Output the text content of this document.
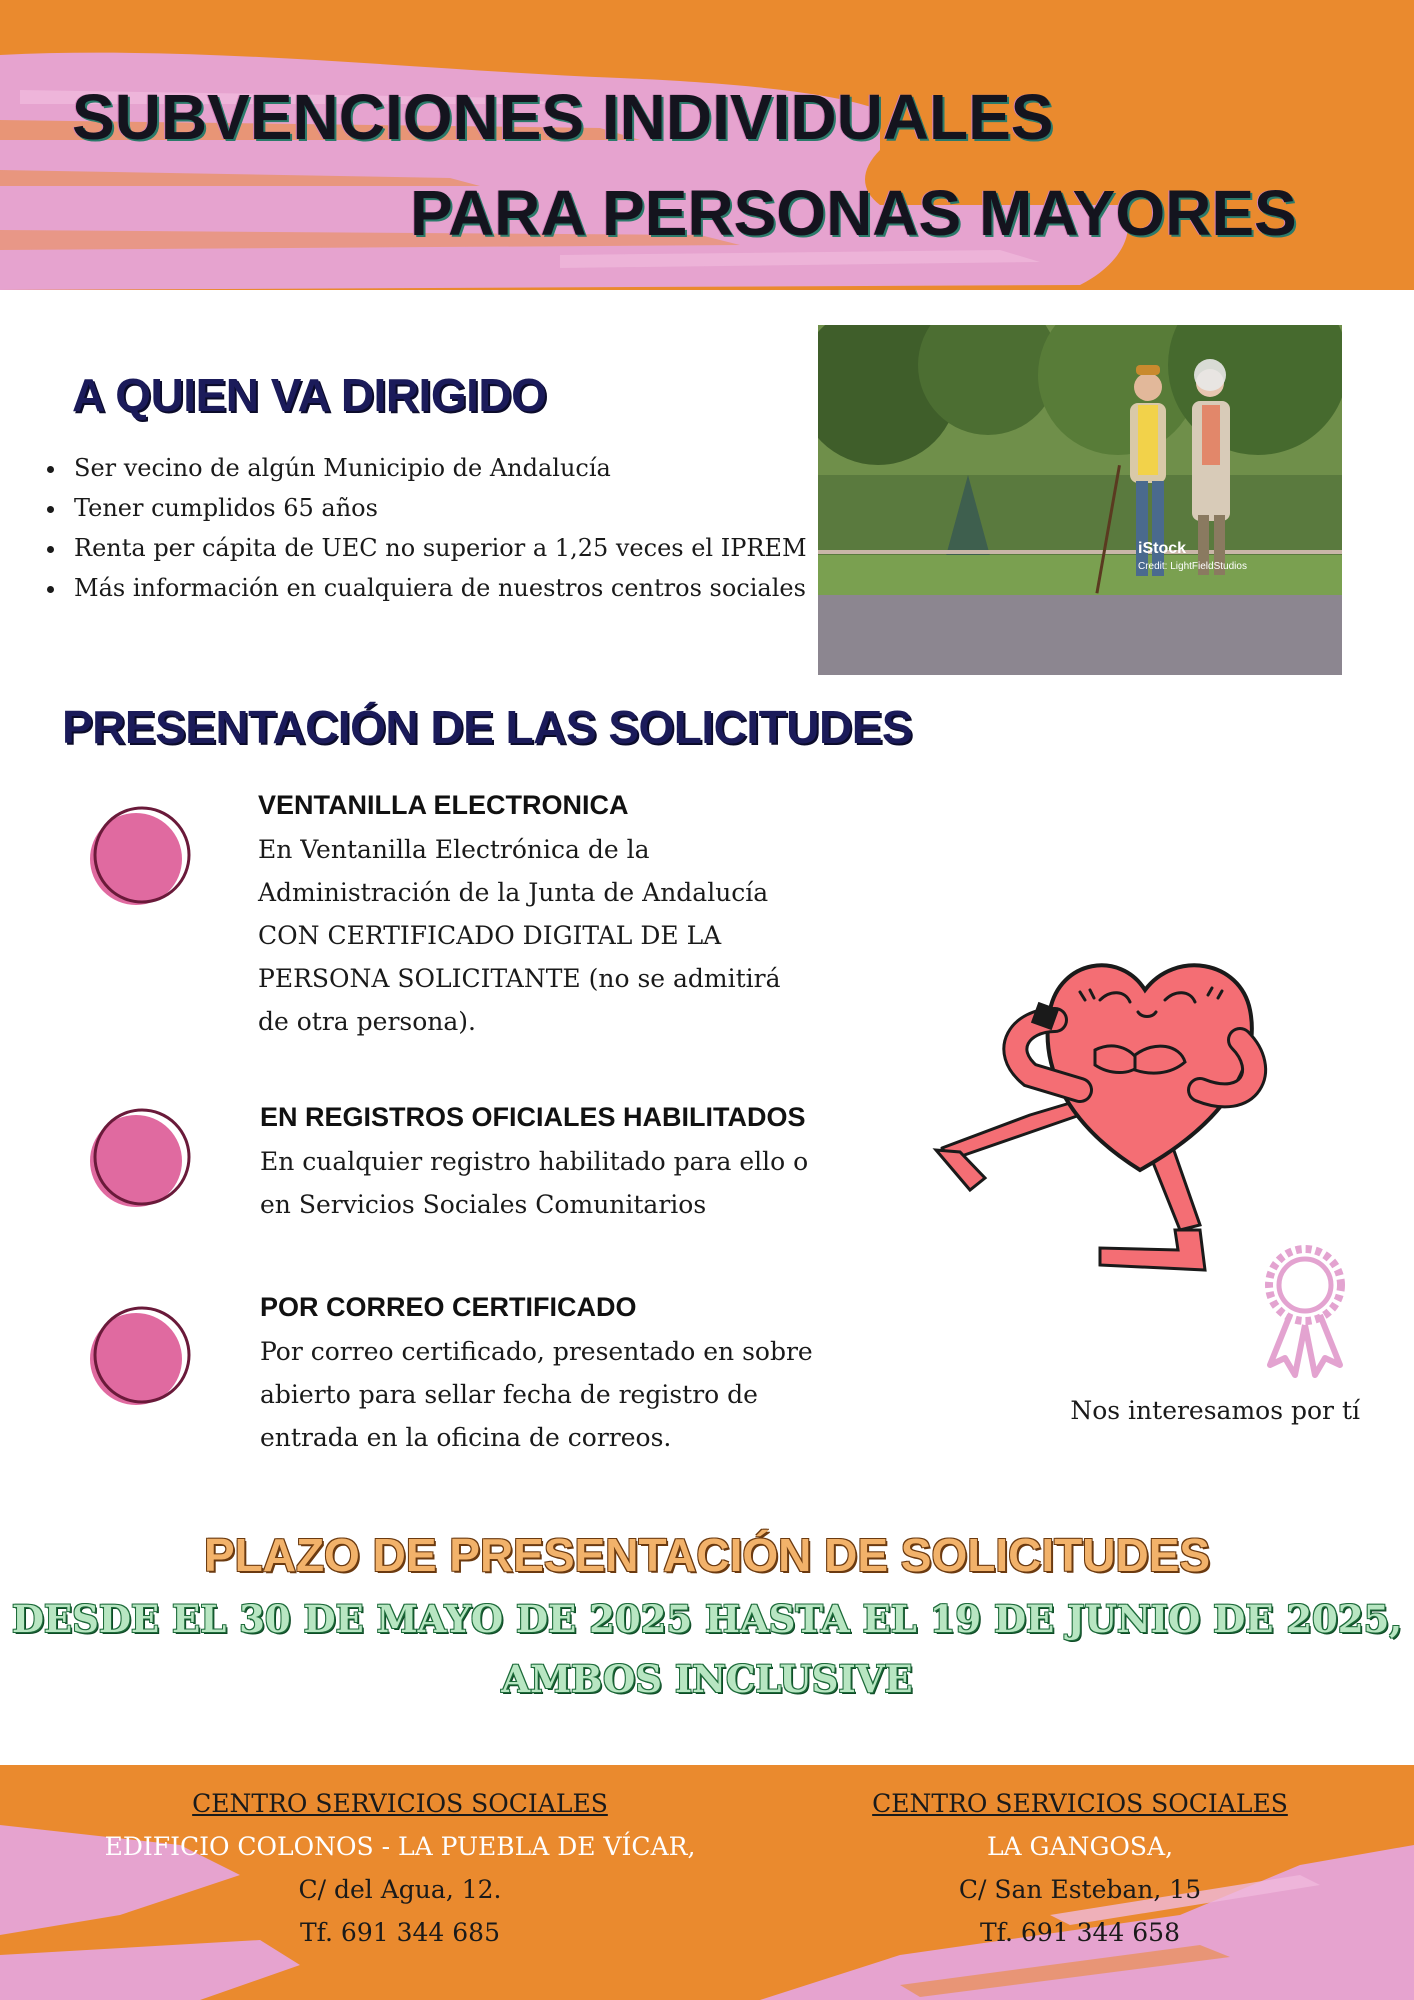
SUBVENCIONES INDIVIDUALES
PARA PERSONAS MAYORES
A QUIEN VA DIRIGIDO
• Ser vecino de algún Municipio de Andalucía
• Tener cumplidos 65 años
• Renta per cápita de UEC no superior a 1,25 veces el IPREM
• Más información en cualquiera de nuestros centros sociales
iStock
Credit: LightFieldStudios
PRESENTACIÓN DE LAS SOLICITUDES
VENTANILLA ELECTRONICA
En Ventanilla Electrónica de la
Administración de la Junta de Andalucía
CON CERTIFICADO DIGITAL DE LA
PERSONA SOLICITANTE (no se admitirá
de otra persona).
EN REGISTROS OFICIALES HABILITADOS
En cualquier registro habilitado para ello o
en Servicios Sociales Comunitarios
POR CORREO CERTIFICADO
Por correo certificado, presentado en sobre
abierto para sellar fecha de registro de
entrada en la oficina de correos.
Nos interesamos por tí
PLAZO DE PRESENTACIÓN DE SOLICITUDES
DESDE EL 30 DE MAYO DE 2025 HASTA EL 19 DE JUNIO DE 2025,
AMBOS INCLUSIVE
CENTRO SERVICIOS SOCIALES
EDIFICIO COLONOS - LA PUEBLA DE VÍCAR,
C/ del Agua, 12.
Tf. 691 344 685
CENTRO SERVICIOS SOCIALES
LA GANGOSA,
C/ San Esteban, 15
Tf. 691 344 658
